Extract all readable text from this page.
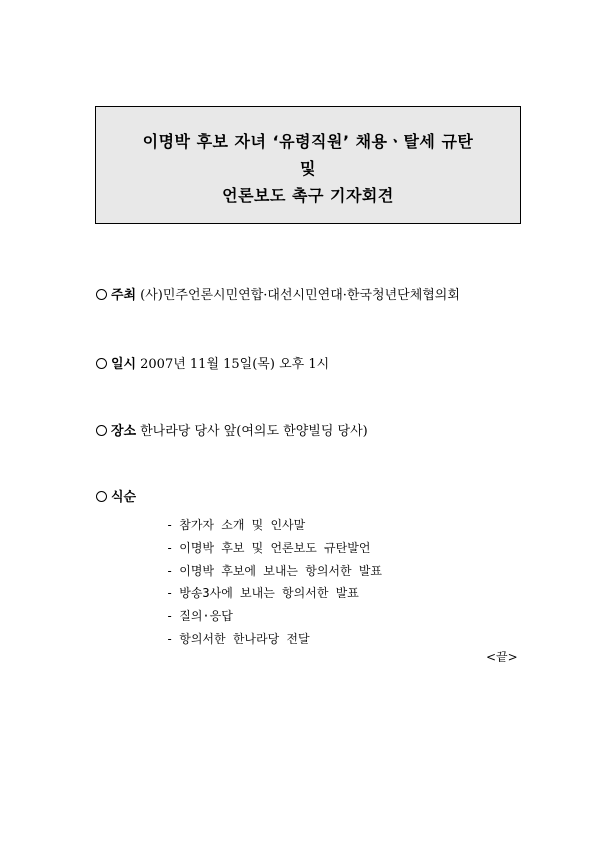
이명박 후보 자녀 ‘유령직원’ 채용ㆍ탈세 규탄
및
언론보도 촉구 기자회견
주최 (사)민주언론시민연합·대선시민연대·한국청년단체협의회
일시 2007년 11월 15일(목) 오후 1시
장소 한나라당 당사 앞(여의도 한양빌딩 당사)
식순
- 참가자 소개 및 인사말
- 이명박 후보 및 언론보도 규탄발언
- 이명박 후보에 보내는 항의서한 발표
- 방송3사에 보내는 항의서한 발표
- 질의·응답
- 항의서한 한나라당 전달
<끝>
